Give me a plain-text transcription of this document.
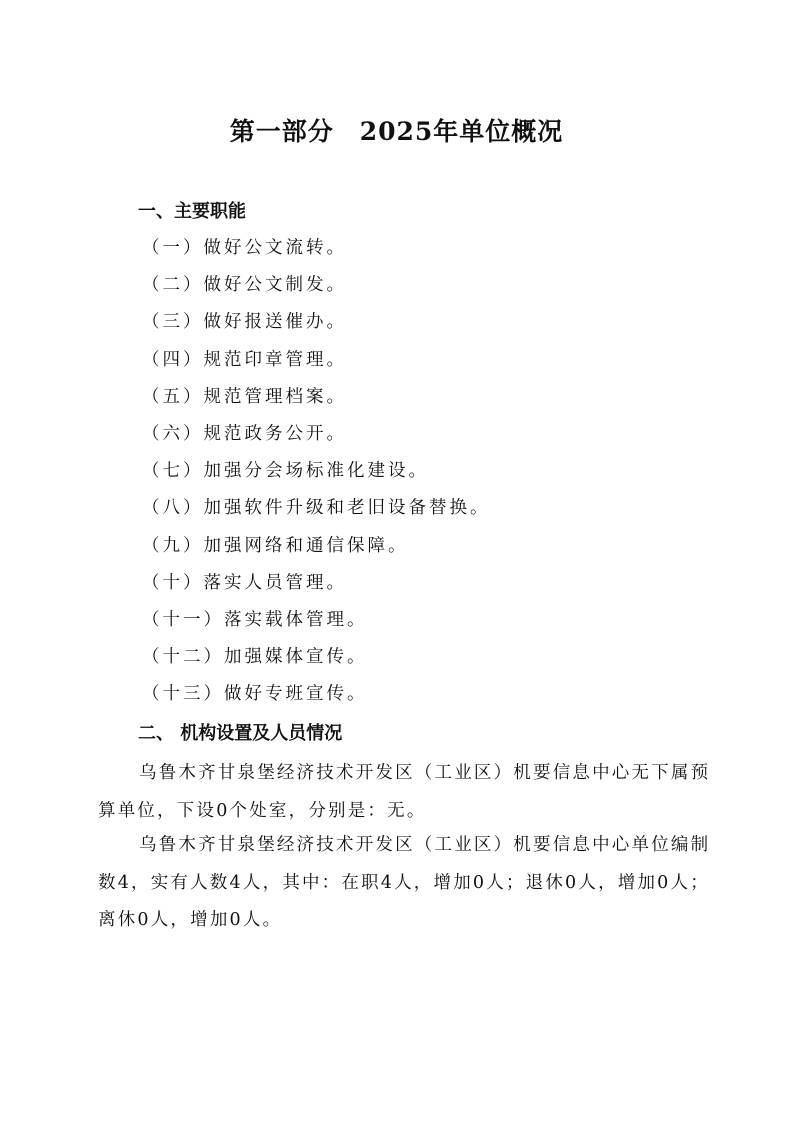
第一部分　2025年单位概况
一、主要职能
（一）做好公文流转。
（二）做好公文制发。
（三）做好报送催办。
（四）规范印章管理。
（五）规范管理档案。
（六）规范政务公开。
（七）加强分会场标准化建设。
（八）加强软件升级和老旧设备替换。
（九）加强网络和通信保障。
（十）落实人员管理。
（十一）落实载体管理。
（十二）加强媒体宣传。
（十三）做好专班宣传。
二、 机构设置及人员情况

乌鲁木齐甘泉堡经济技术开发区（工业区）机要信息中心无下属预算单位，下设0个处室，分别是：无。

乌鲁木齐甘泉堡经济技术开发区（工业区）机要信息中心单位编制数4，实有人数4人，其中：在职4人，增加0人；退休0人，增加0人；离休0人，增加0人。
